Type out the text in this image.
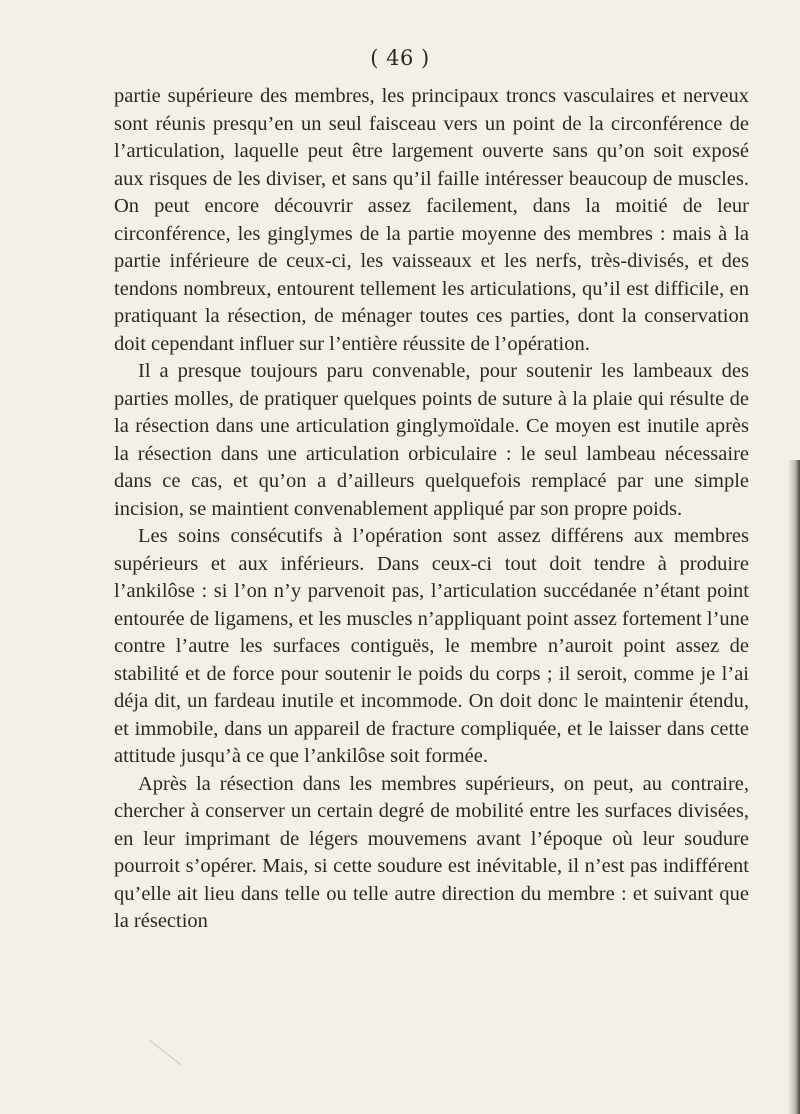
( 46 )

partie supérieure des membres, les principaux troncs vasculaires et nerveux sont réunis presqu’en un seul faisceau vers un point de la circonférence de l’articulation, laquelle peut être largement ouverte sans qu’on soit exposé aux risques de les diviser, et sans qu’il faille intéresser beaucoup de muscles. On peut encore découvrir assez facilement, dans la moitié de leur circonférence, les ginglymes de la partie moyenne des membres : mais à la partie inférieure de ceux-ci, les vaisseaux et les nerfs, très-divisés, et des tendons nombreux, entourent tellement les articulations, qu’il est difficile, en pratiquant la résection, de ménager toutes ces parties, dont la conservation doit cependant influer sur l’entière réussite de l’opération.

Il a presque toujours paru convenable, pour soutenir les lambeaux des parties molles, de pratiquer quelques points de suture à la plaie qui résulte de la résection dans une articulation ginglymoïdale. Ce moyen est inutile après la résection dans une articulation orbiculaire : le seul lambeau nécessaire dans ce cas, et qu’on a d’ailleurs quelquefois remplacé par une simple incision, se maintient convenablement appliqué par son propre poids.

Les soins consécutifs à l’opération sont assez différens aux membres supérieurs et aux inférieurs. Dans ceux-ci tout doit tendre à produire l’ankilôse : si l’on n’y parvenoit pas, l’articulation succédanée n’étant point entourée de ligamens, et les muscles n’appliquant point assez fortement l’une contre l’autre les surfaces contiguës, le membre n’auroit point assez de stabilité et de force pour soutenir le poids du corps ; il seroit, comme je l’ai déja dit, un fardeau inutile et incommode. On doit donc le maintenir étendu, et immobile, dans un appareil de fracture compliquée, et le laisser dans cette attitude jusqu’à ce que l’ankilôse soit formée.

Après la résection dans les membres supérieurs, on peut, au contraire, chercher à conserver un certain degré de mobilité entre les surfaces divisées, en leur imprimant de légers mouvemens avant l’époque où leur soudure pourroit s’opérer. Mais, si cette soudure est inévitable, il n’est pas indifférent qu’elle ait lieu dans telle ou telle autre direction du membre : et suivant que la résection
